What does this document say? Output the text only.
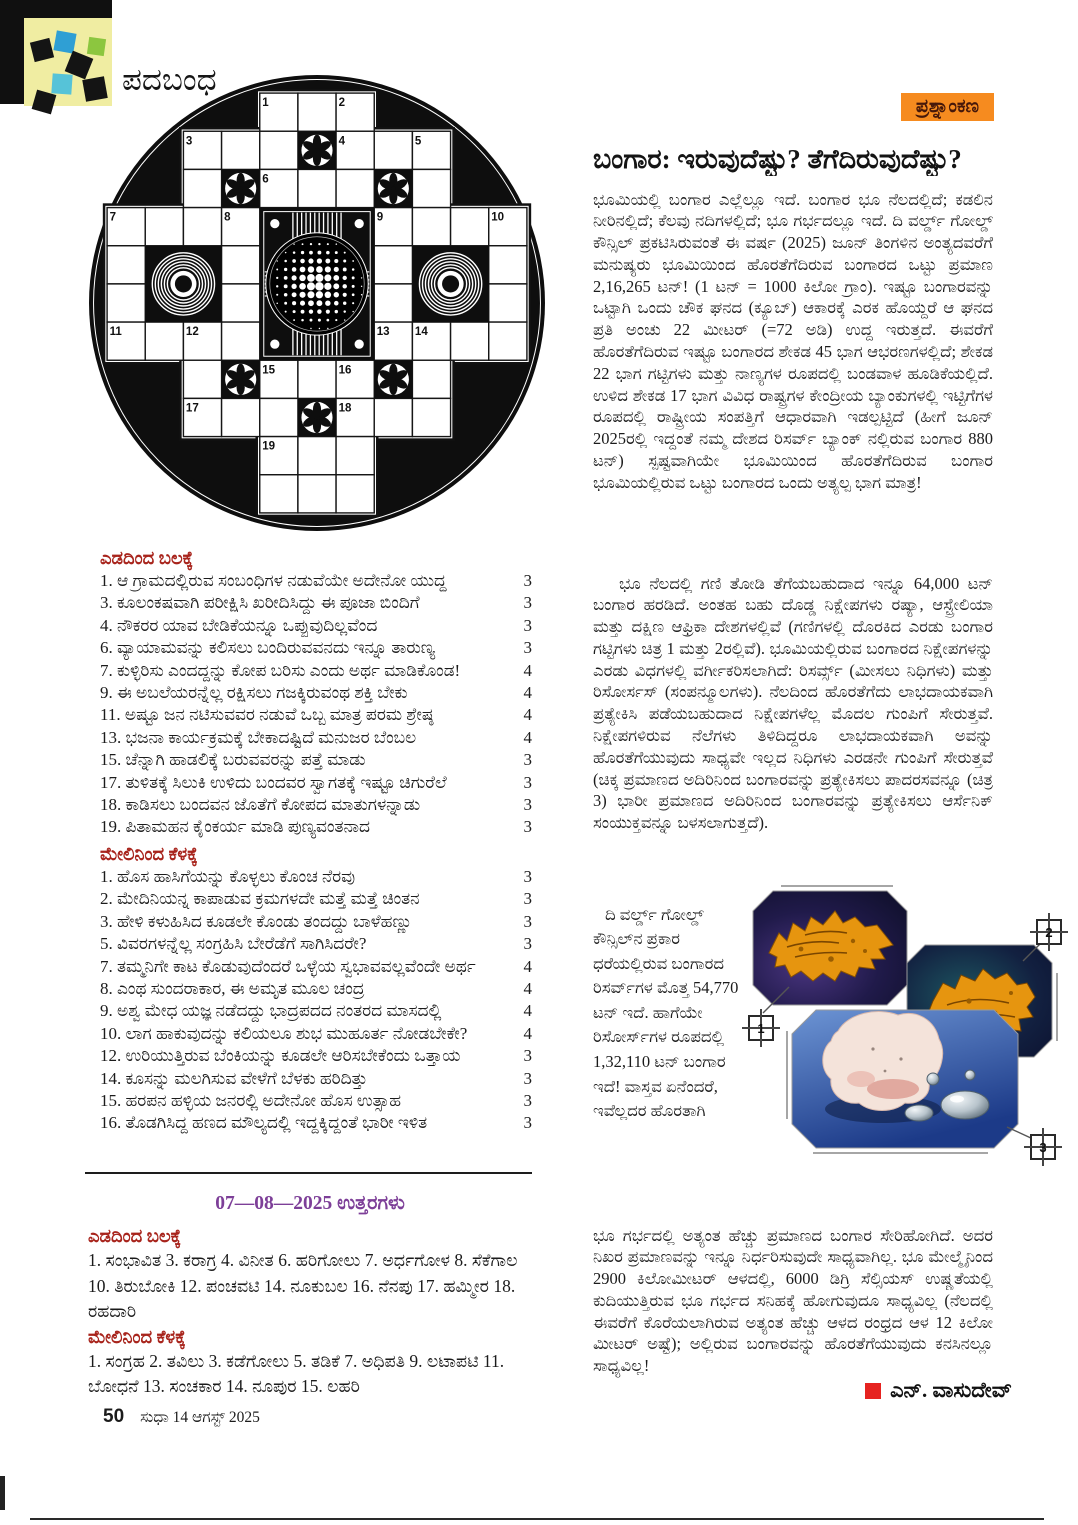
ಪದಬಂಧ
1	2
3	4	5
6
7	8	9	10
11	12	13 14
15	16
17	18
19
ಎಡದಿಂದ ಬಲಕ್ಕೆ
1. ಆ ಗ್ರಾಮದಲ್ಲಿರುವ ಸಂಬಂಧಿಗಳ ನಡುವೆಯೇ ಅದೇನೋ ಯುದ್ಧ	3
3. ಕೂಲಂಕಷವಾಗಿ ಪರೀಕ್ಷಿಸಿ ಖರೀದಿಸಿದ್ದು ಈ ಪೂಜಾ ಬಿಂದಿಗೆ	3
4. ನೌಕರರ ಯಾವ ಬೇಡಿಕೆಯನ್ನೂ ಒಪ್ಪುವುದಿಲ್ಲವೆಂದ	3
6. ವ್ಯಾಯಾಮವನ್ನು ಕಲಿಸಲು ಬಂದಿರುವವನದು ಇನ್ನೂ ತಾರುಣ್ಯ	3
7. ಕುಳ್ಳಿರಿಸು ಎಂದದ್ದನ್ನು ಕೋಪ ಬರಿಸು ಎಂದು ಅರ್ಥ ಮಾಡಿಕೊಂಡ!	4
9. ಈ ಅಬಲೆಯರನ್ನೆಲ್ಲ ರಕ್ಷಿಸಲು ಗಜಕ್ಕಿರುವಂಥ ಶಕ್ತಿ ಬೇಕು	4
11. ಅಷ್ಟೂ ಜನ ನಟಿಸುವವರ ನಡುವೆ ಒಬ್ಬ ಮಾತ್ರ ಪರಮ ಶ್ರೇಷ್ಠ	4
13. ಭಜನಾ ಕಾರ್ಯಕ್ರಮಕ್ಕೆ ಬೇಕಾದಷ್ಟಿದೆ ಮನುಜರ ಬೆಂಬಲ	4
15. ಚೆನ್ನಾಗಿ ಹಾಡಲಿಕ್ಕೆ ಬರುವವರನ್ನು ಪತ್ತೆ ಮಾಡು	3
17. ತುಳಿತಕ್ಕೆ ಸಿಲುಕಿ ಉಳಿದು ಬಂದವರ ಸ್ವಾಗತಕ್ಕೆ ಇಷ್ಟೂ ಚಿಗುರೆಲೆ	3
18. ಕಾಡಿಸಲು ಬಂದವನ ಜೊತೆಗೆ ಕೋಪದ ಮಾತುಗಳನ್ನಾಡು	3
19. ಪಿತಾಮಹನ ಕೈಂಕರ್ಯ ಮಾಡಿ ಪುಣ್ಯವಂತನಾದ	3
ಮೇಲಿನಿಂದ ಕೆಳಕ್ಕೆ
1. ಹೊಸ ಹಾಸಿಗೆಯನ್ನು ಕೊಳ್ಳಲು ಕೊಂಚ ನೆರವು	3
2. ಮೇದಿನಿಯನ್ನ ಕಾಪಾಡುವ ಕ್ರಮಗಳದೇ ಮತ್ತೆ ಮತ್ತೆ ಚಿಂತನ	3
3. ಹೇಳಿ ಕಳುಹಿಸಿದ ಕೂಡಲೇ ಕೊಂಡು ತಂದದ್ದು ಬಾಳೆಹಣ್ಣು	3
5. ವಿವರಗಳನ್ನೆಲ್ಲ ಸಂಗ್ರಹಿಸಿ ಬೇರೆಡೆಗೆ ಸಾಗಿಸಿದರೇ?	3
7. ತಮ್ಮನಿಗೇ ಕಾಟ ಕೊಡುವುದೆಂದರೆ ಒಳ್ಳೆಯ ಸ್ವಭಾವವಲ್ಲವೆಂದೇ ಅರ್ಥ	4
8. ಎಂಥ ಸುಂದರಾಕಾರ, ಈ ಅಮೃತ ಮೂಲ ಚಂದ್ರ	4
9. ಅಶ್ವ ಮೇಧ ಯಜ್ಞ ನಡೆದದ್ದು ಭಾದ್ರಪದದ ನಂತರದ ಮಾಸದಲ್ಲಿ	4
10. ಲಾಗ ಹಾಕುವುದನ್ನು ಕಲಿಯಲೂ ಶುಭ ಮುಹೂರ್ತ ನೋಡಬೇಕೇ?	4
12. ಉರಿಯುತ್ತಿರುವ ಬೆಂಕಿಯನ್ನು ಕೂಡಲೇ ಆರಿಸಬೇಕೆಂದು ಒತ್ತಾಯ	3
14. ಕೂಸನ್ನು ಮಲಗಿಸುವ ವೇಳೆಗೆ ಬೆಳಕು ಹರಿದಿತ್ತು	3
15. ಹರಪನ ಹಳ್ಳಿಯ ಜನರಲ್ಲಿ ಅದೇನೋ ಹೊಸ ಉತ್ಸಾಹ	3
16. ತೊಡಗಿಸಿದ್ದ ಹಣದ ಮೌಲ್ಯದಲ್ಲಿ ಇದ್ದಕ್ಕಿದ್ದಂತೆ ಭಾರೀ ಇಳಿತ	3
07—08—2025 ಉತ್ತರಗಳು
ಎಡದಿಂದ ಬಲಕ್ಕೆ
1. ಸಂಭಾವಿತ 3. ಕರಾಗ್ರ 4. ವಿನೀತ 6. ಹರಿಗೋಲು 7. ಅರ್ಧಗೋಳ 8. ಸೆಕೆಗಾಲ 10. ತಿರುಬೋಕಿ 12. ಪಂಚವಟಿ 14. ನೂಕುಬಲ 16. ನೆನಪು 17. ಹಮ್ಮೀರ 18. ರಹದಾರಿ
ಮೇಲಿನಿಂದ ಕೆಳಕ್ಕೆ
1. ಸಂಗ್ರಹ 2. ತವಿಲು 3. ಕಡೆಗೋಲು 5. ತಡಿಕೆ 7. ಅಧಿಪತಿ 9. ಲಟಾಪಟಿ 11. ಬೋಧನೆ 13. ಸಂಚಕಾರ 14. ನೂಪುರ 15. ಲಹರಿ
50 ಸುಧಾ 14 ಆಗಸ್ಟ್ 2025
ಪ್ರಶ್ನಾಂಕಣ
ಬಂಗಾರ: ಇರುವುದೆಷ್ಟು? ತೆಗೆದಿರುವುದೆಷ್ಟು?

ಭೂಮಿಯಲ್ಲಿ ಬಂಗಾರ ಎಲ್ಲೆಲ್ಲೂ ಇದೆ. ಬಂಗಾರ ಭೂ ನೆಲದಲ್ಲಿದೆ; ಕಡಲಿನ ನೀರಿನಲ್ಲಿದೆ; ಕೆಲವು ನದಿಗಳಲ್ಲಿದೆ; ಭೂ ಗರ್ಭದಲ್ಲೂ ಇದೆ. ದಿ ವರ್ಲ್ಡ್ ಗೋಲ್ಡ್ ಕೌನ್ಸಿಲ್ ಪ್ರಕಟಿಸಿರುವಂತೆ ಈ ವರ್ಷ (2025) ಜೂನ್ ತಿಂಗಳಿನ ಅಂತ್ಯದವರೆಗೆ ಮನುಷ್ಯರು ಭೂಮಿಯಿಂದ ಹೊರತೆಗೆದಿರುವ ಬಂಗಾರದ ಒಟ್ಟು ಪ್ರಮಾಣ 2,16,265 ಟನ್! (1 ಟನ್ = 1000 ಕಿಲೋ ಗ್ರಾಂ). ಇಷ್ಟೂ ಬಂಗಾರವನ್ನು ಒಟ್ಟಾಗಿ ಒಂದು ಚೌಕ ಘನದ (ಕ್ಯೂಬ್) ಆಕಾರಕ್ಕೆ ಎರಕ ಹೊಯ್ದರೆ ಆ ಘನದ ಪ್ರತಿ ಅಂಚು 22 ಮೀಟರ್ (=72 ಅಡಿ) ಉದ್ದ ಇರುತ್ತದೆ. ಈವರೆಗೆ ಹೊರತೆಗೆದಿರುವ ಇಷ್ಟೂ ಬಂಗಾರದ ಶೇಕಡ 45 ಭಾಗ ಆಭರಣಗಳಲ್ಲಿದೆ; ಶೇಕಡ 22 ಭಾಗ ಗಟ್ಟಿಗಳು ಮತ್ತು ನಾಣ್ಯಗಳ ರೂಪದಲ್ಲಿ ಬಂಡವಾಳ ಹೂಡಿಕೆಯಲ್ಲಿದೆ. ಉಳಿದ ಶೇಕಡ 17 ಭಾಗ ವಿವಿಧ ರಾಷ್ಟ್ರಗಳ ಕೇಂದ್ರೀಯ ಬ್ಯಾಂಕುಗಳಲ್ಲಿ ಇಟ್ಟಿಗೆಗಳ ರೂಪದಲ್ಲಿ ರಾಷ್ಟ್ರೀಯ ಸಂಪತ್ತಿಗೆ ಆಧಾರವಾಗಿ ಇಡಲ್ಪಟ್ಟಿದೆ (ಹೀಗೆ ಜೂನ್ 2025ರಲ್ಲಿ ಇದ್ದಂತೆ ನಮ್ಮ ದೇಶದ ರಿಸರ್ವ್ ಬ್ಯಾಂಕ್ ನಲ್ಲಿರುವ ಬಂಗಾರ 880 ಟನ್) ಸ್ಪಷ್ಟವಾಗಿಯೇ ಭೂಮಿಯಿಂದ ಹೊರತೆಗೆದಿರುವ ಬಂಗಾರ ಭೂಮಿಯಲ್ಲಿರುವ ಒಟ್ಟು ಬಂಗಾರದ ಒಂದು ಅತ್ಯಲ್ಪ ಭಾಗ ಮಾತ್ರ!

ಭೂ ನೆಲದಲ್ಲಿ ಗಣಿ ತೋಡಿ ತೆಗೆಯಬಹುದಾದ ಇನ್ನೂ 64,000 ಟನ್ ಬಂಗಾರ ಹರಡಿದೆ. ಅಂತಹ ಬಹು ದೊಡ್ಡ ನಿಕ್ಷೇಪಗಳು ರಷ್ಯಾ, ಆಸ್ಟ್ರೇಲಿಯಾ ಮತ್ತು ದಕ್ಷಿಣ ಆಫ್ರಿಕಾ ದೇಶಗಳಲ್ಲಿವೆ (ಗಣಿಗಳಲ್ಲಿ ದೊರಕಿದ ಎರಡು ಬಂಗಾರ ಗಟ್ಟಿಗಳು ಚಿತ್ರ 1 ಮತ್ತು 2ರಲ್ಲಿವೆ). ಭೂಮಿಯಲ್ಲಿರುವ ಬಂಗಾರದ ನಿಕ್ಷೇಪಗಳನ್ನು ಎರಡು ವಿಧಗಳಲ್ಲಿ ವರ್ಗೀಕರಿಸಲಾಗಿದೆ: ರಿಸರ್ವ್ಸ್ (ಮೀಸಲು ನಿಧಿಗಳು) ಮತ್ತು ರಿಸೋರ್ಸಸ್ (ಸಂಪನ್ಮೂಲಗಳು). ನೆಲದಿಂದ ಹೊರತೆಗೆದು ಲಾಭದಾಯಕವಾಗಿ ಪ್ರತ್ಯೇಕಿಸಿ ಪಡೆಯಬಹುದಾದ ನಿಕ್ಷೇಪಗಳೆಲ್ಲ ಮೊದಲ ಗುಂಪಿಗೆ ಸೇರುತ್ತವೆ. ನಿಕ್ಷೇಪಗಳಿರುವ ನೆಲೆಗಳು ತಿಳಿದಿದ್ದರೂ ಲಾಭದಾಯಕವಾಗಿ ಅವನ್ನು ಹೊರತೆಗೆಯುವುದು ಸಾಧ್ಯವೇ ಇಲ್ಲದ ನಿಧಿಗಳು ಎರಡನೇ ಗುಂಪಿಗೆ ಸೇರುತ್ತವೆ (ಚಿಕ್ಕ ಪ್ರಮಾಣದ ಅದಿರಿನಿಂದ ಬಂಗಾರವನ್ನು ಪ್ರತ್ಯೇಕಿಸಲು ಪಾದರಸವನ್ನೂ (ಚಿತ್ರ 3) ಭಾರೀ ಪ್ರಮಾಣದ ಅದಿರಿನಿಂದ ಬಂಗಾರವನ್ನು ಪ್ರತ್ಯೇಕಿಸಲು ಆರ್ಸೆನಿಕ್ ಸಂಯುಕ್ತವನ್ನೂ ಬಳಸಲಾಗುತ್ತದೆ).

ದಿ ವರ್ಲ್ಡ್ ಗೋಲ್ಡ್ ಕೌನ್ಸಿಲ್‌ನ ಪ್ರಕಾರ ಧರೆಯಲ್ಲಿರುವ ಬಂಗಾರದ ರಿಸರ್ವ್‌ಗಳ ಮೊತ್ತ 54,770 ಟನ್ ಇದೆ. ಹಾಗೆಯೇ ರಿಸೋರ್ಸ್‌ಗಳ ರೂಪದಲ್ಲಿ 1,32,110 ಟನ್ ಬಂಗಾರ ಇದೆ! ವಾಸ್ತವ ಏನೆಂದರೆ, ಇವೆಲ್ಲದರ ಹೊರತಾಗಿ

ಭೂ ಗರ್ಭದಲ್ಲಿ ಅತ್ಯಂತ ಹೆಚ್ಚು ಪ್ರಮಾಣದ ಬಂಗಾರ ಸೇರಿಹೋಗಿದೆ. ಅದರ ನಿಖರ ಪ್ರಮಾಣವನ್ನು ಇನ್ನೂ ನಿರ್ಧರಿಸುವುದೇ ಸಾಧ್ಯವಾಗಿಲ್ಲ. ಭೂ ಮೇಲ್ಮೈನಿಂದ 2900 ಕಿಲೋಮೀಟರ್ ಆಳದಲ್ಲಿ, 6000 ಡಿಗ್ರಿ ಸೆಲ್ಸಿಯಸ್ ಉಷ್ಣತೆಯಲ್ಲಿ ಕುದಿಯುತ್ತಿರುವ ಭೂ ಗರ್ಭದ ಸನಿಹಕ್ಕೆ ಹೋಗುವುದೂ ಸಾಧ್ಯವಿಲ್ಲ (ನೆಲದಲ್ಲಿ ಈವರೆಗೆ ಕೊರೆಯಲಾಗಿರುವ ಅತ್ಯಂತ ಹೆಚ್ಚು ಆಳದ ರಂಧ್ರದ ಆಳ 12 ಕಿಲೋ ಮೀಟರ್ ಅಷ್ಟೆ); ಅಲ್ಲಿರುವ ಬಂಗಾರವನ್ನು ಹೊರತೆಗೆಯುವುದು ಕನಸಿನಲ್ಲೂ ಸಾಧ್ಯವಿಲ್ಲ!

ಎನ್. ವಾಸುದೇವ್
1
2
3
